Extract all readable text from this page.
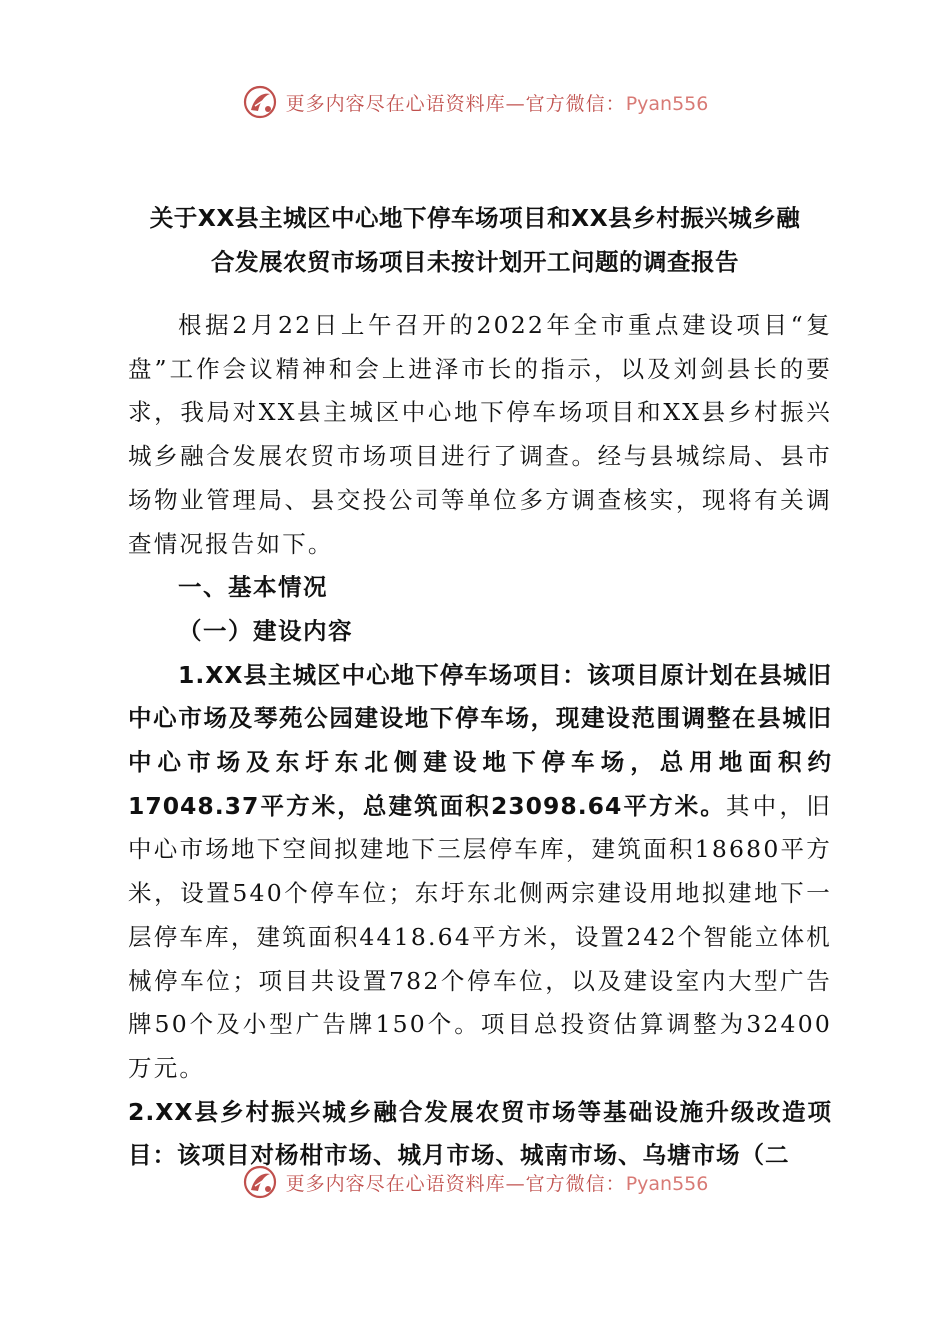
更多内容尽在心语资料库—官方微信：Pyan556
关于XX县主城区中心地下停车场项目和XX县乡村振兴城乡融
合发展农贸市场项目未按计划开工问题的调查报告

根据2月22日上午召开的2022年全市重点建设项目“复盘”工作会议精神和会上进泽市长的指示，以及刘剑县长的要求，我局对XX县主城区中心地下停车场项目和XX县乡村振兴城乡融合发展农贸市场项目进行了调查。经与县城综局、县市场物业管理局、县交投公司等单位多方调查核实，现将有关调查情况报告如下。

一、基本情况

（一）建设内容

1.XX县主城区中心地下停车场项目：该项目原计划在县城旧中心市场及琴苑公园建设地下停车场，现建设范围调整在县城旧中心市场及东圩东北侧建设地下停车场，总用地面积约17048.37平方米，总建筑面积23098.64平方米。其中，旧中心市场地下空间拟建地下三层停车库，建筑面积18680平方米，设置540个停车位；东圩东北侧两宗建设用地拟建地下一层停车库，建筑面积4418.64平方米，设置242个智能立体机械停车位；项目共设置782个停车位，以及建设室内大型广告牌50个及小型广告牌150个。项目总投资估算调整为32400万元。

2.XX县乡村振兴城乡融合发展农贸市场等基础设施升级改造项目：该项目对杨柑市场、城月市场、城南市场、乌塘市场（二

更多内容尽在心语资料库—官方微信：Pyan556
